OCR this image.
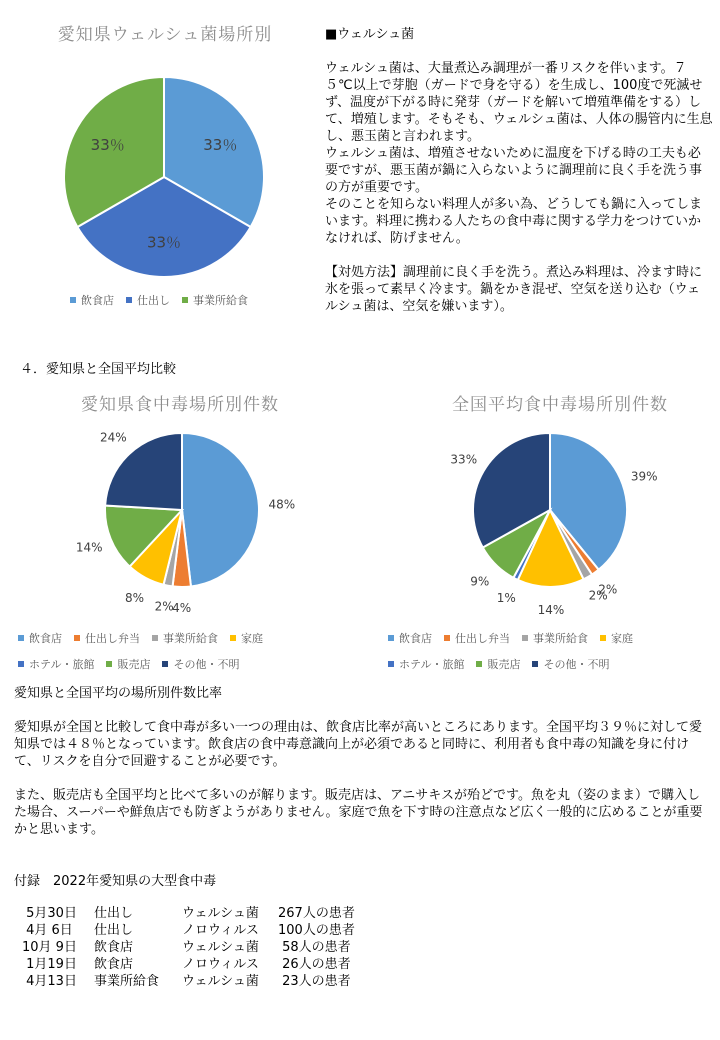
愛知県ウェルシュ菌場所別
33％
33％
33％
飲食店 仕出し 事業所給食

■ウェルシュ菌

ウェルシュ菌は、大量煮込み調理が一番リスクを伴います。７５℃以上で芽胞（ガードで身を守る）を生成し、100度で死滅せず、温度が下がる時に発芽（ガードを解いて増殖準備をする）して、増殖します。そもそも、ウェルシュ菌は、人体の腸管内に生息し、悪玉菌と言われます。

ウェルシュ菌は、増殖させないために温度を下げる時の工夫も必要ですが、悪玉菌が鍋に入らないように調理前に良く手を洗う事の方が重要です。

そのことを知らない料理人が多い為、どうしても鍋に入ってしまいます。料理に携わる人たちの食中毒に関する学力をつけていかなければ、防げません。

【対処方法】調理前に良く手を洗う。煮込み料理は、冷ます時に氷を張って素早く冷ます。鍋をかき混ぜ、空気を送り込む（ウェルシュ菌は、空気を嫌います）。

４．愛知県と全国平均比較
愛知県食中毒場所別件数
48%
4%
2%
8%
14%
24%
飲食店 仕出し弁当 事業所給食 家庭
ホテル・旅館 販売店 その他・不明
全国平均食中毒場所別件数
39%
2%
2%
14%
1%
9%
33%
飲食店 仕出し弁当 事業所給食 家庭
ホテル・旅館 販売店 その他・不明

愛知県と全国平均の場所別件数比率

愛知県が全国と比較して食中毒が多い一つの理由は、飲食店比率が高いところにあります。全国平均３９％に対して愛知県では４８％となっています。飲食店の食中毒意識向上が必須であると同時に、利用者も食中毒の知識を身に付けて、リスクを自分で回避することが必要です。

また、販売店も全国平均と比べて多いのが解ります。販売店は、アニサキスが殆どです。魚を丸（姿のまま）で購入した場合、スーパーや鮮魚店でも防ぎようがありません。家庭で魚を下す時の注意点など広く一般的に広めることが重要かと思います。

付録　2022年愛知県の大型食中毒
5月30日	仕出し	ウェルシュ菌	267人の患者
4月 6日	仕出し	ノロウィルス	100人の患者
10月 9日	飲食店	ウェルシュ菌	58人の患者
1月19日	飲食店	ノロウィルス	26人の患者
4月13日	事業所給食	ウェルシュ菌	23人の患者
